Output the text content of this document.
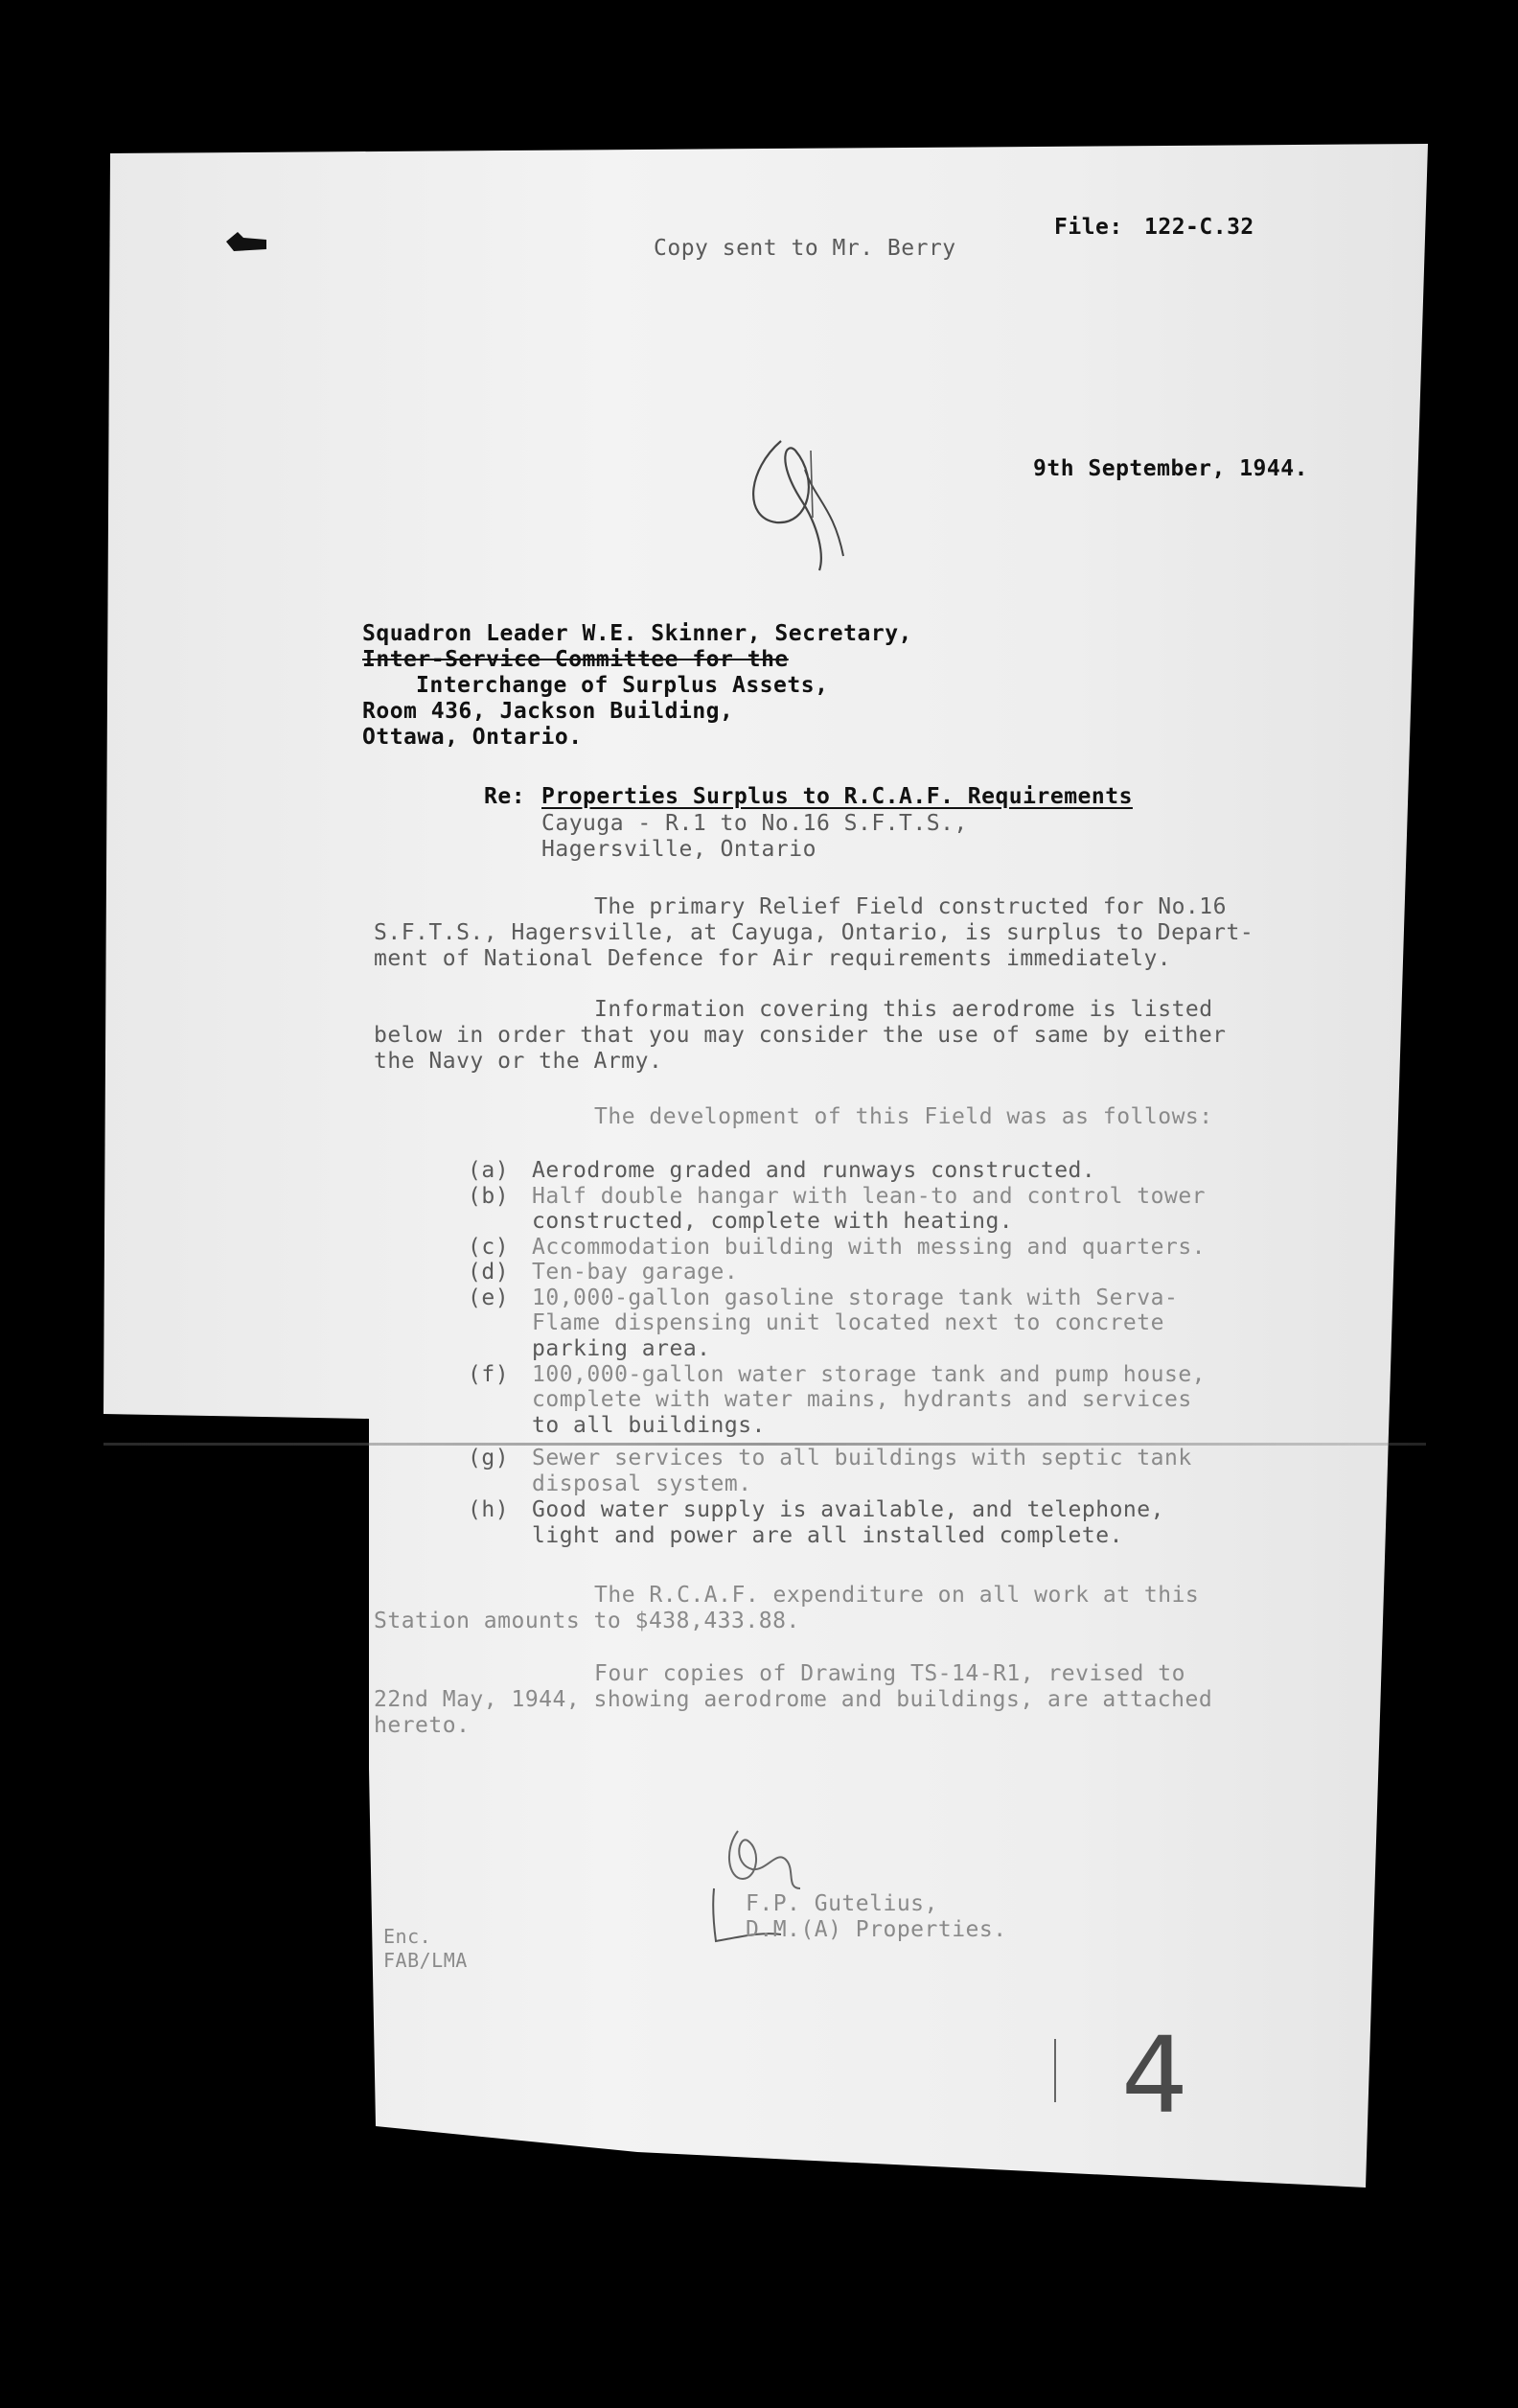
Copy sent to Mr. Berry
File: 122-C.32
9th September, 1944.
Squadron Leader W.E. Skinner, Secretary,
Inter-Service Committee for the
Interchange of Surplus Assets,
Room 436, Jackson Building,
Ottawa, Ontario.
Re: Properties Surplus to R.C.A.F. Requirements
Cayuga - R.1 to No.16 S.F.T.S.,
Hagersville, Ontario
The primary Relief Field constructed for No.16
S.F.T.S., Hagersville, at Cayuga, Ontario, is surplus to Depart-
ment of National Defence for Air requirements immediately.
Information covering this aerodrome is listed
below in order that you may consider the use of same by either
the Navy or the Army.
The development of this Field was as follows:
(a) Aerodrome graded and runways constructed.
(b) Half double hangar with lean-to and control tower
constructed, complete with heating.
(c) Accommodation building with messing and quarters.
(d) Ten-bay garage.
(e) 10,000-gallon gasoline storage tank with Serva-
Flame dispensing unit located next to concrete
parking area.
(f) 100,000-gallon water storage tank and pump house,
complete with water mains, hydrants and services
to all buildings.
(g) Sewer services to all buildings with septic tank
disposal system.
(h) Good water supply is available, and telephone,
light and power are all installed complete.
The R.C.A.F. expenditure on all work at this
Station amounts to $438,433.88.
Four copies of Drawing TS-14-R1, revised to
22nd May, 1944, showing aerodrome and buildings, are attached
hereto.
F.P. Gutelius,
D.M.(A) Properties.
Enc.
FAB/LMA
4
